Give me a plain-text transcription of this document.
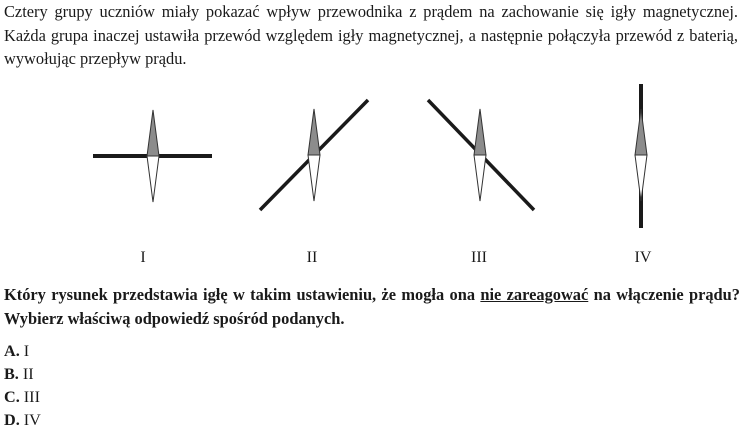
Cztery grupy uczniów miały pokazać wpływ przewodnika z prądem na zachowanie się igły magnetycznej. Każda grupa inaczej ustawiła przewód względem igły magnetycznej, a następnie połączyła przewód z baterią, wywołując przepływ prądu.
I	II	III	IV
Który rysunek przedstawia igłę w takim ustawieniu, że mogła ona nie zareagować na włączenie prądu? Wybierz właściwą odpowiedź spośród podanych.
A. I
B. II
C. III
D. IV
